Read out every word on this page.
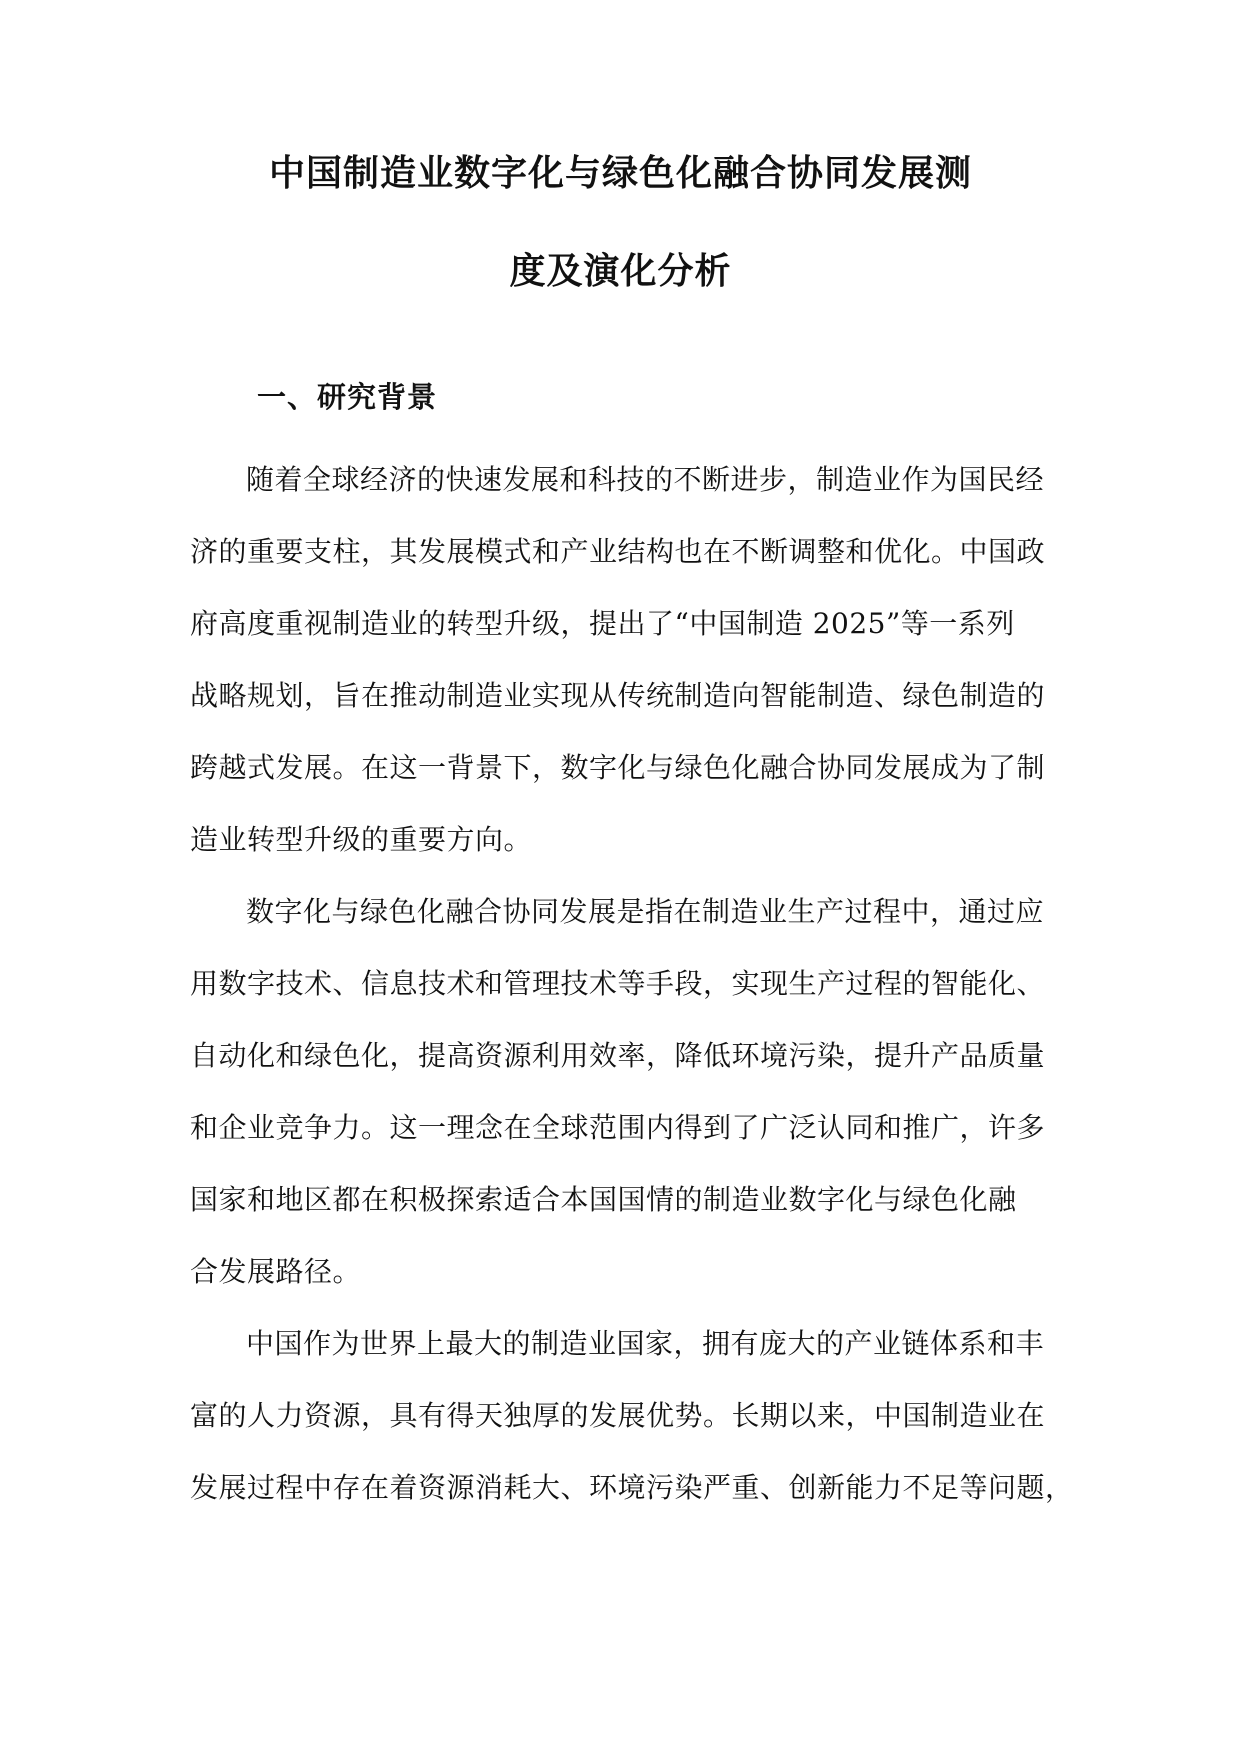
中国制造业数字化与绿色化融合协同发展测
度及演化分析
一、研究背景
随着全球经济的快速发展和科技的不断进步，制造业作为国民经
济的重要支柱，其发展模式和产业结构也在不断调整和优化。中国政
府高度重视制造业的转型升级，提出了“中国制造 2025”等一系列
战略规划，旨在推动制造业实现从传统制造向智能制造、绿色制造的
跨越式发展。在这一背景下，数字化与绿色化融合协同发展成为了制
造业转型升级的重要方向。
数字化与绿色化融合协同发展是指在制造业生产过程中，通过应
用数字技术、信息技术和管理技术等手段，实现生产过程的智能化、
自动化和绿色化，提高资源利用效率，降低环境污染，提升产品质量
和企业竞争力。这一理念在全球范围内得到了广泛认同和推广，许多
国家和地区都在积极探索适合本国国情的制造业数字化与绿色化融
合发展路径。
中国作为世界上最大的制造业国家，拥有庞大的产业链体系和丰
富的人力资源，具有得天独厚的发展优势。长期以来，中国制造业在
发展过程中存在着资源消耗大、环境污染严重、创新能力不足等问题，
